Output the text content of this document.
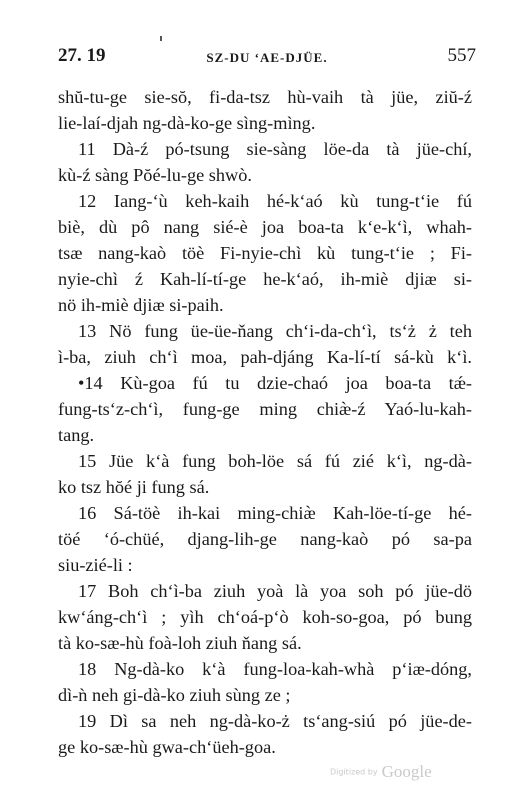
27. 19	SZ-DU ‘AE-DJÜE.	557
shŭ-tu-ge sie-sŏ, fi-da-tsz hù-vaih tà jüe, ziŭ-ź
lie-laí-djah ng-dà-ko-ge sìng-mìng.
11 Dà-ź pó-tsung sie-sàng löe-da tà jüe-chí,
kù-ź sàng Pŏé-lu-ge shwò.
12 Iang-‘ù keh-kaih hé-k‘aó kù tung-t‘ie fú
biè, dù pô nang sié-è joa boa-ta k‘e-k‘ì, whah-
tsæ nang-kaò töè Fi-nyie-chì kù tung-t‘ie ; Fi-
nyie-chì ź Kah-lí-tí-ge he-k‘aó, ih-miè djiæ si-
nö ih-miè djiæ si-paih.
13 Nö fung üe-üe-ňang ch‘i-da-ch‘ì, ts‘ż ż teh
ì-ba, ziuh ch‘ì moa, pah-djáng Ka-lí-tí sá-kù k‘ì.
•14 Kù-goa fú tu dzie-chaó joa boa-ta tǽ-
fung-ts‘z-ch‘ì, fung-ge ming chiæ̀-ź Yaó-lu-kah-
tang.
15 Jüe k‘à fung boh-löe sá fú zié k‘ì, ng-dà-
ko tsz hŏé ji fung sá.
16 Sá-töè ih-kai ming-chiæ̀ Kah-löe-tí-ge hé-
töé ‘ó-chüé, djang-lih-ge nang-kaò pó sa-pa
siu-zié-li :
17 Boh ch‘ì-ba ziuh yoà là yoa soh pó jüe-dö
kw‘áng-ch‘ì ; yìh ch‘oá-p‘ò koh-so-goa, pó bung
tà ko-sæ-hù foà-loh ziuh ňang sá.
18 Ng-dà-ko k‘à fung-loa-kah-whà p‘iæ-dóng,
dì-ǹ neh gi-dà-ko ziuh sùng ze ;
19 Dì sa neh ng-dà-ko-ż ts‘ang-siú pó jüe-de-
ge ko-sæ-hù gwa-ch‘üeh-goa.
Digitized by Google
